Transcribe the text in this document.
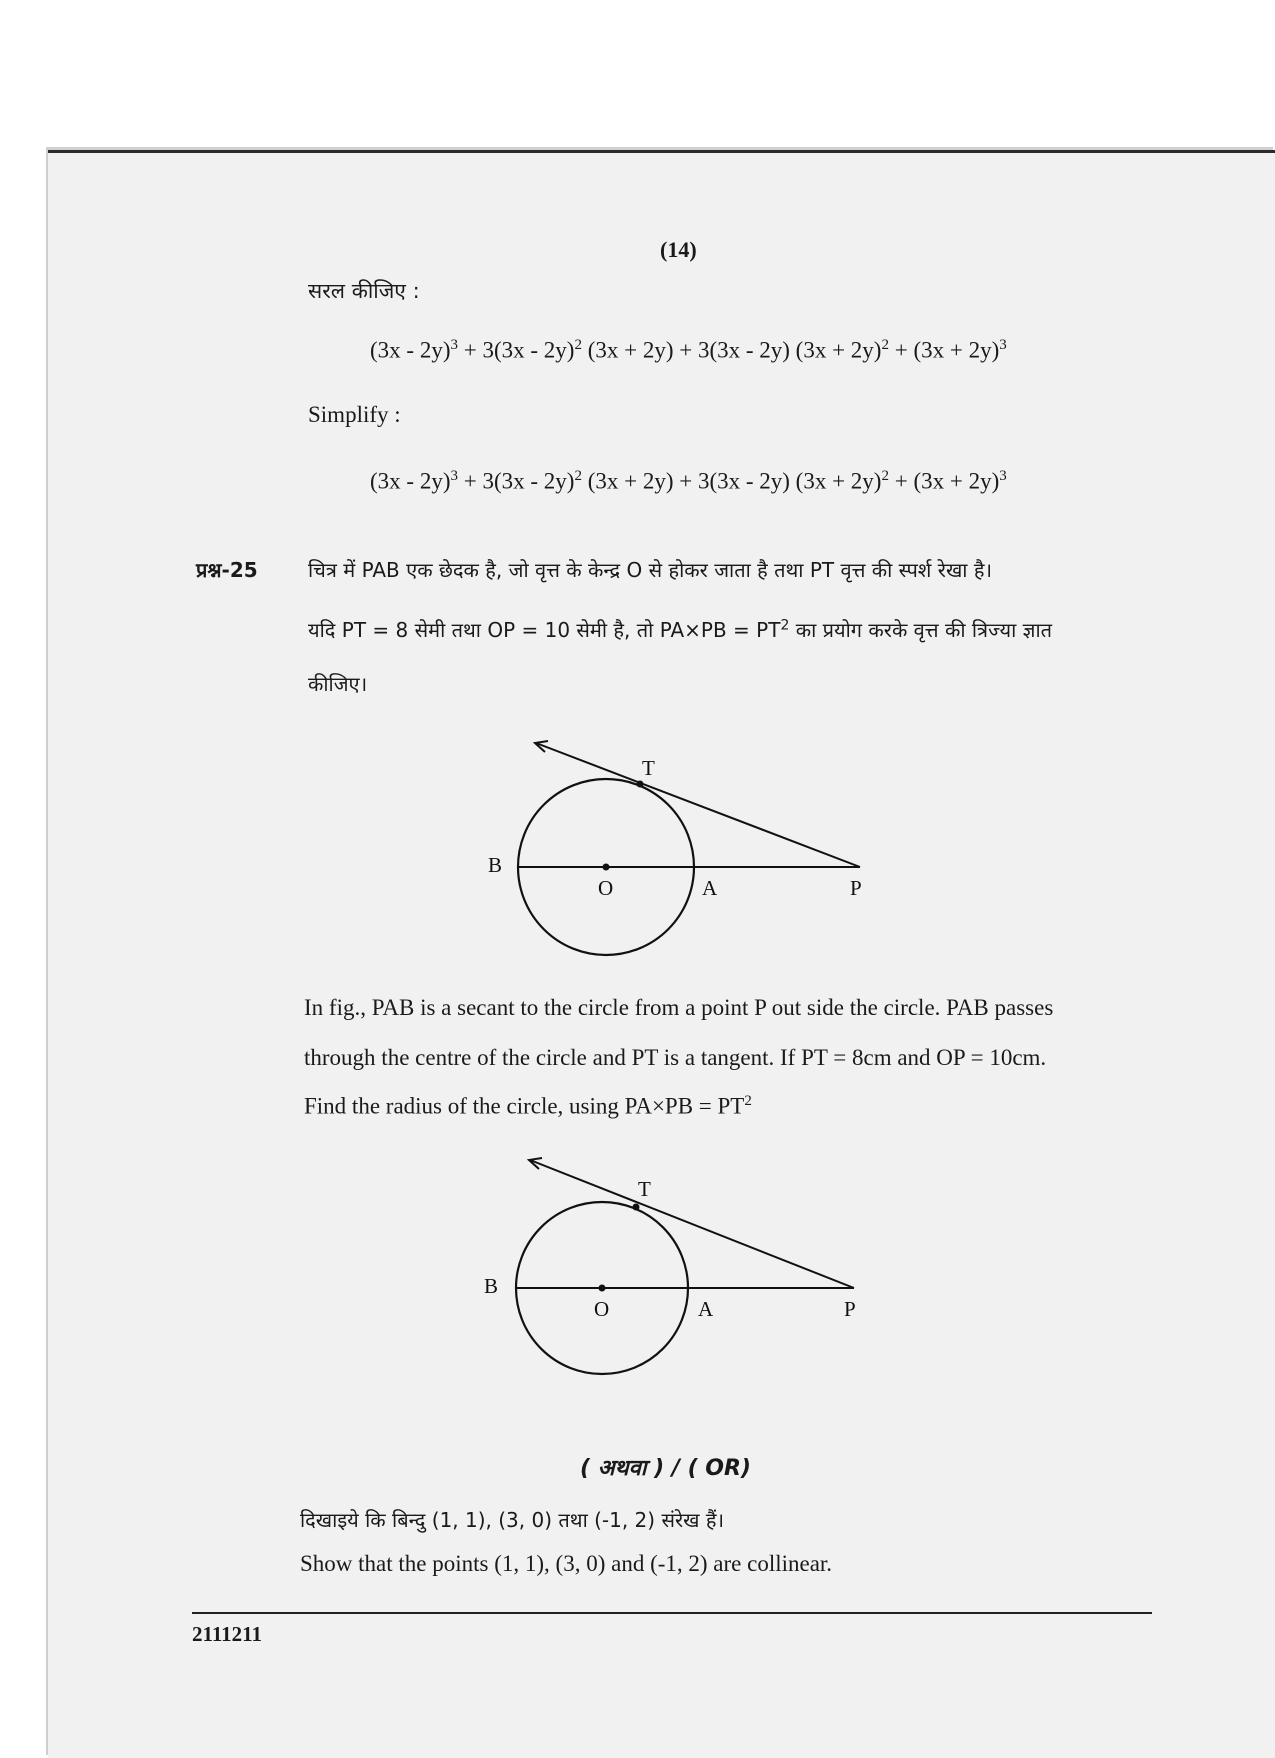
(14)
सरल कीजिए :
(3x - 2y)$^3$ + 3(3x - 2y)$^2$ (3x + 2y) + 3(3x - 2y) $(3x + 2y)^2 + (3x + 2y)^3$
Simplify :
(3x - 2y)$^3$ + 3(3x - 2y)$^2$ (3x + 2y) + 3(3x - 2y) $(3x + 2y)^2 + (3x + 2y)^3$
प्रश्न-25	चित्र में PAB एक छेदक है, जो वृत्त के केन्द्र O से होकर जाता है तथा PT वृत्त की स्पर्श रेखा है।
यदि PT = 8 सेमी तथा OP = 10 सेमी है, तो $PA\times PB = PT^2$ का प्रयोग करके वृत्त की त्रिज्या ज्ञात
कीजिए।
T
B
O	A	P
In fig., PAB is a secant to the circle from a point P out side the circle. PAB passes
through the centre of the circle and PT is a tangent. If PT = 8cm and OP = 10cm.
Find the radius of the circle, using $PA\times PB = PT^2$
T
B
O	A	P
( अथवा ) / ( OR)
दिखाइये कि बिन्दु (1, 1), (3, 0) तथा (-1, 2) संरेख हैं।
Show that the points (1, 1), (3, 0) and (-1, 2) are collinear.
2111211
